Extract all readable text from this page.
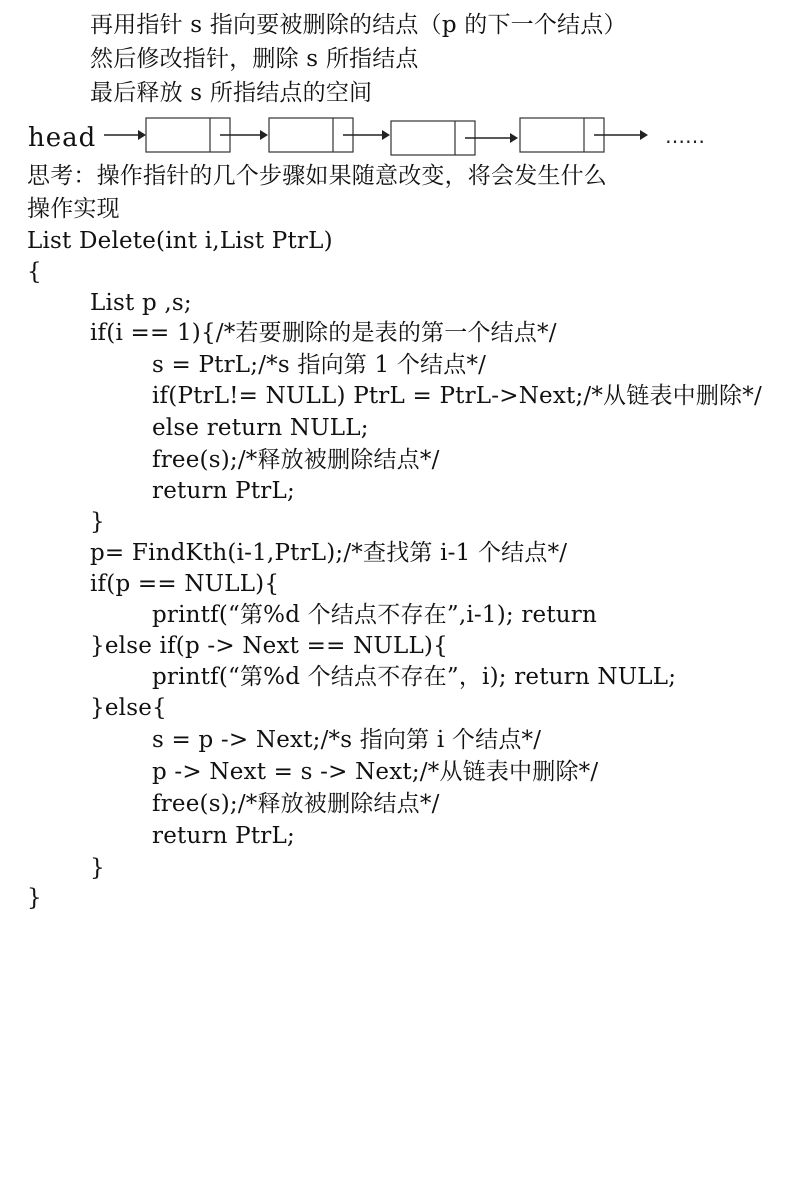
再用指针 s 指向要被删除的结点（p 的下一个结点）
然后修改指针，删除 s 所指结点
最后释放 s 所指结点的空间
head	……
思考：操作指针的几个步骤如果随意改变，将会发生什么
操作实现
List Delete(int i,List PtrL)
{
List p ,s;
if(i == 1){/*若要删除的是表的第一个结点*/
s = PtrL;/*s 指向第 1 个结点*/
if(PtrL!= NULL) PtrL = PtrL->Next;/*从链表中删除*/
else return NULL;
free(s);/*释放被删除结点*/
return PtrL;
}
p= FindKth(i-1,PtrL);/*查找第 i-1 个结点*/
if(p == NULL){
printf(“第%d 个结点不存在”,i-1); return
}else if(p -> Next == NULL){
printf(“第%d 个结点不存在”，i); return NULL;
}else{
s = p -> Next;/*s 指向第 i 个结点*/
p -> Next = s -> Next;/*从链表中删除*/
free(s);/*释放被删除结点*/
return PtrL;
}
}
